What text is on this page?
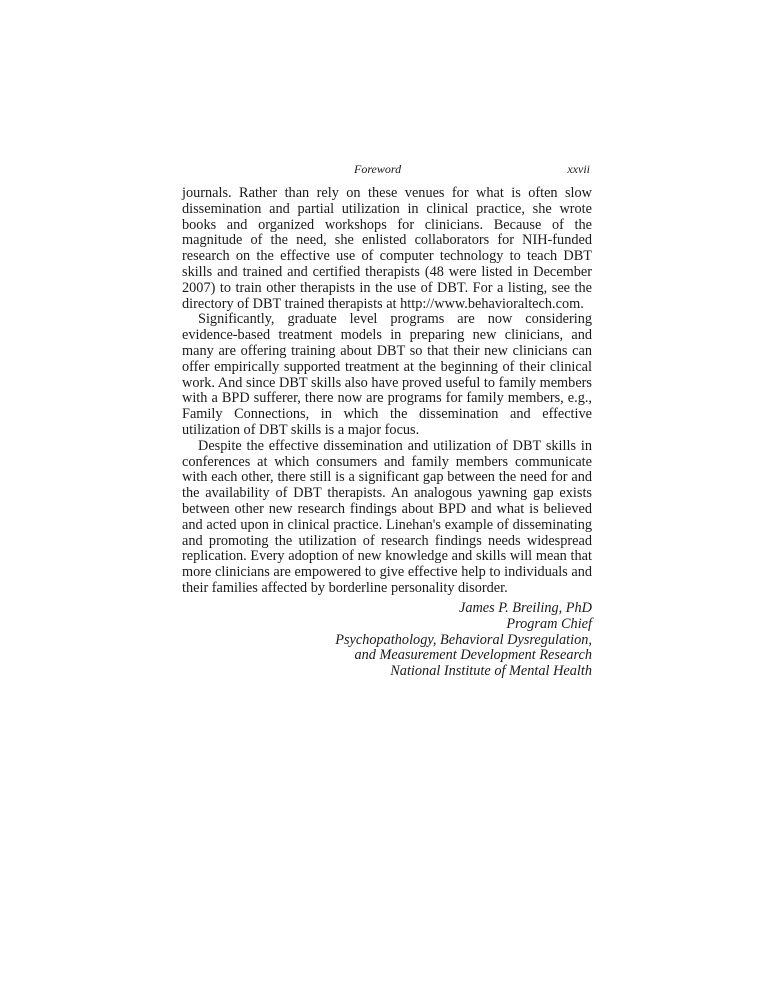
Foreword	xxvii

journals. Rather than rely on these venues for what is often slow dissemination and partial utilization in clinical practice, she wrote books and organized workshops for clinicians. Because of the magnitude of the need, she enlisted collaborators for NIH-funded research on the effective use of computer technology to teach DBT skills and trained and certified therapists (48 were listed in December 2007) to train other therapists in the use of DBT. For a listing, see the directory of DBT trained therapists at http://www.behavioraltech.com.

Significantly, graduate level programs are now considering evidence-based treatment models in preparing new clinicians, and many are offering training about DBT so that their new clinicians can offer empirically supported treatment at the beginning of their clinical work. And since DBT skills also have proved useful to family members with a BPD sufferer, there now are programs for family members, e.g., Family Connections, in which the dissemination and effective utilization of DBT skills is a major focus.

Despite the effective dissemination and utilization of DBT skills in conferences at which consumers and family members communicate with each other, there still is a significant gap between the need for and the availability of DBT therapists. An analogous yawning gap exists between other new research findings about BPD and what is believed and acted upon in clinical practice. Linehan's example of disseminating and promoting the utilization of research findings needs widespread replication. Every adoption of new knowledge and skills will mean that more clinicians are empowered to give effective help to individuals and their families affected by borderline personality disorder.

James P. Breiling, PhD
Program Chief
Psychopathology, Behavioral Dysregulation,
and Measurement Development Research
National Institute of Mental Health
